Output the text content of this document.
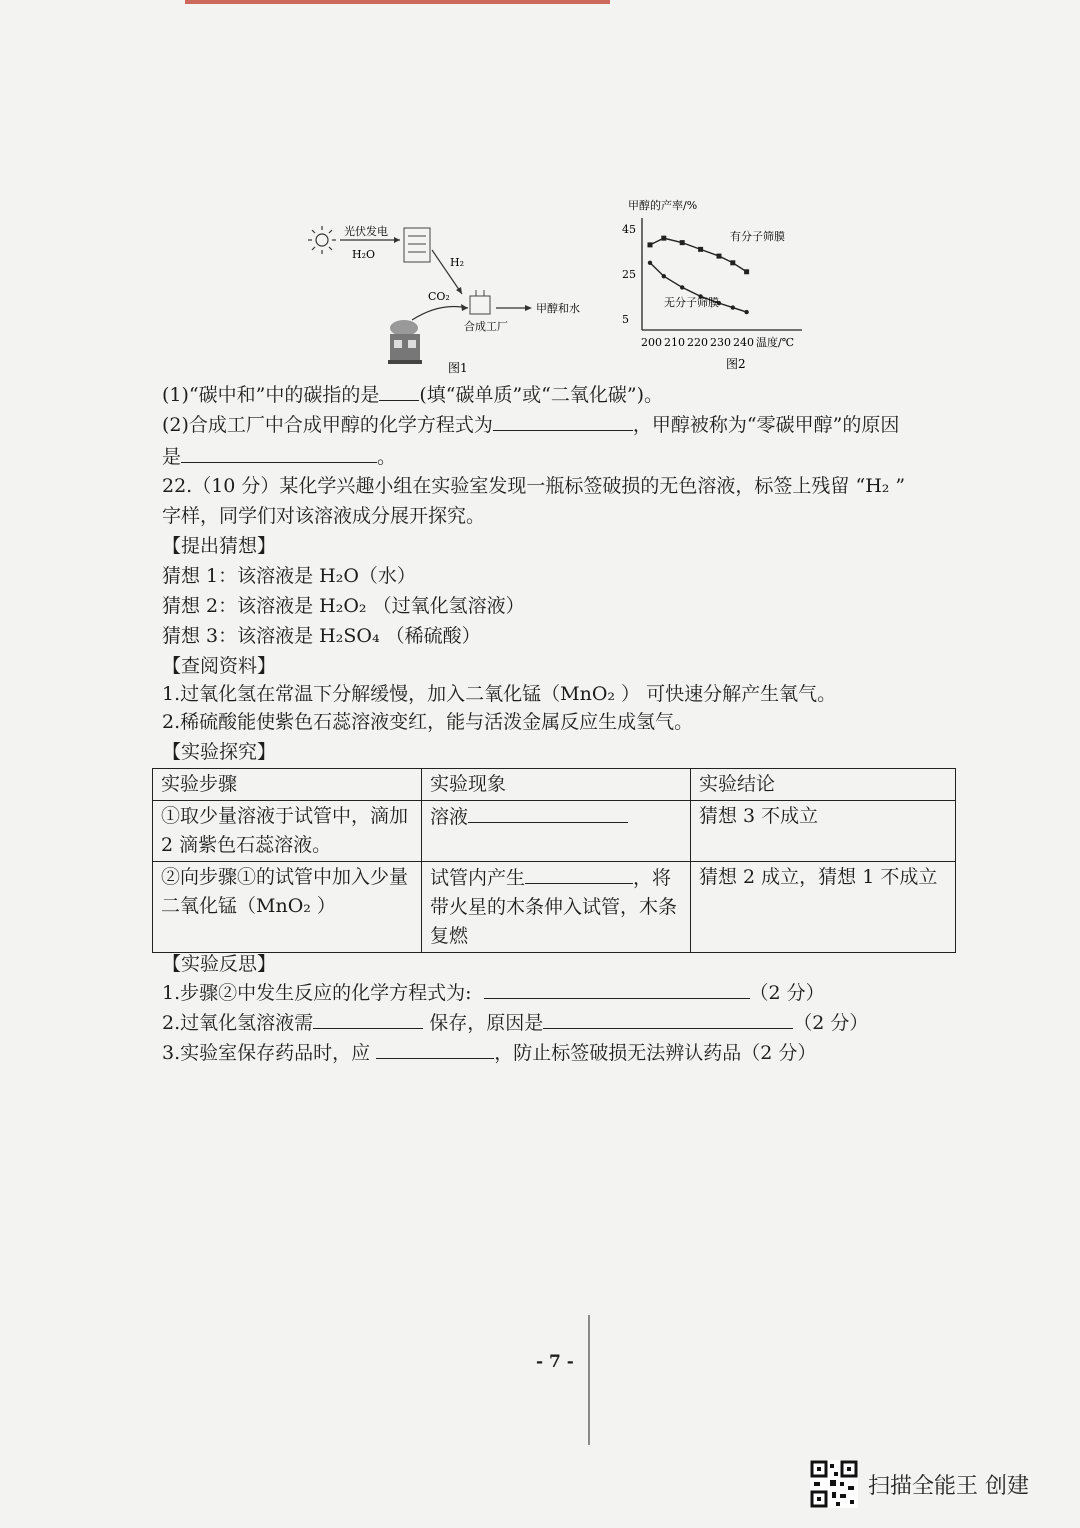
光伏发电
H₂O
H₂
CO₂
合成工厂
甲醇和水
图1
甲醇的产率/%
45
25
5
200 210 220 230 240 温度/℃
有分子筛膜
无分子筛膜
图2
(1)“碳中和”中的碳指的是 (填“碳单质”或“二氧化碳”)。
(2)合成工厂中合成甲醇的化学方程式为	，甲醇被称为“零碳甲醇”的原因
是	。
22.（10 分）某化学兴趣小组在实验室发现一瓶标签破损的无色溶液，标签上残留 “H₂ ”
字样，同学们对该溶液成分展开探究。
【提出猜想】
猜想 1：该溶液是 H₂O（水）
猜想 2：该溶液是 H₂O₂ （过氧化氢溶液）
猜想 3：该溶液是 H₂SO₄ （稀硫酸）
【查阅资料】
1.过氧化氢在常温下分解缓慢，加入二氧化锰（MnO₂ ） 可快速分解产生氧气。
2.稀硫酸能使紫色石蕊溶液变红，能与活泼金属反应生成氢气。
【实验探究】
实验步骤	实验现象	实验结论
①取少量溶液于试管中，滴加 2 滴紫色石蕊溶液。	溶液	猜想 3 不成立
②向步骤①的试管中加入少量二氧化锰（MnO₂ ）	试管内产生 ，将带火星的木条伸入试管，木条复燃	猜想 2 成立，猜想 1 不成立
【实验反思】
1.步骤②中发生反应的化学方程式为:	（2 分）
2.过氧化氢溶液需	保存，原因是	（2 分）
3.实验室保存药品时，应	，防止标签破损无法辨认药品（2 分）
- 7 -
扫描全能王 创建
